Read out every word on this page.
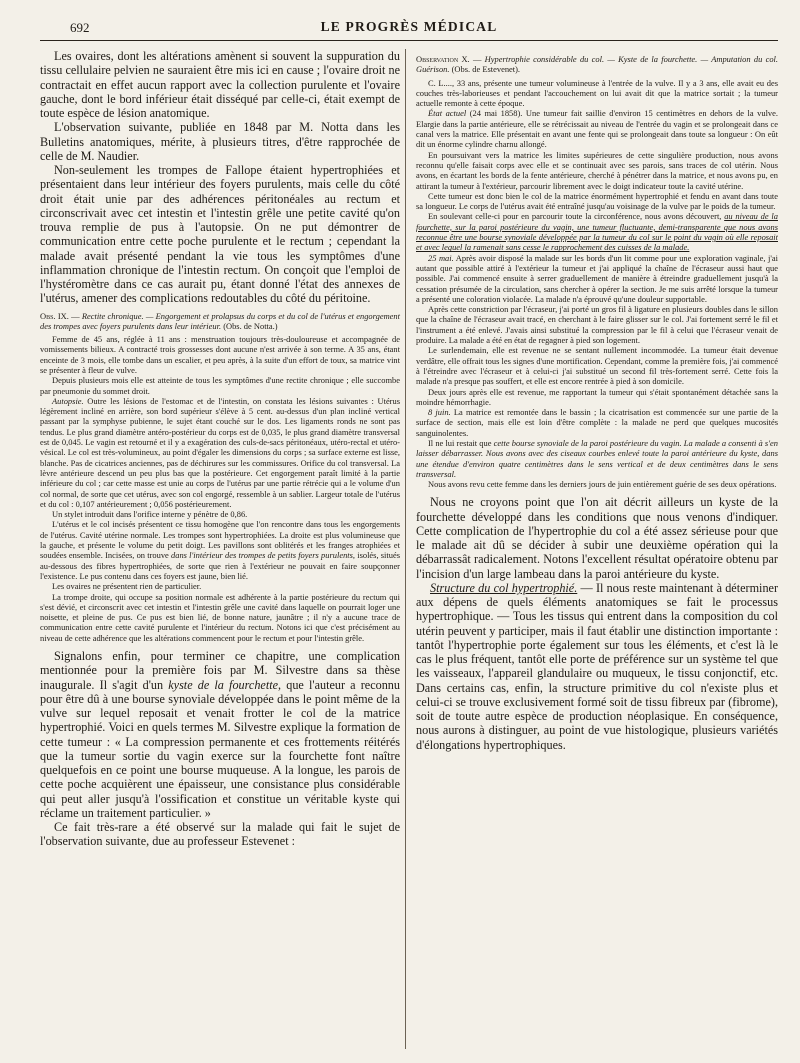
692	LE PROGRÈS MÉDICAL

Les ovaires, dont les altérations amènent si souvent la suppuration du tissu cellulaire pelvien ne sauraient être mis ici en cause ; l'ovaire droit ne contractait en effet aucun rapport avec la collection purulente et l'ovaire gauche, dont le bord inférieur était disséqué par celle-ci, était exempt de toute espèce de lésion anatomique.

L'observation suivante, publiée en 1848 par M. Notta dans les Bulletins anatomiques, mérite, à plusieurs titres, d'être rapprochée de celle de M. Naudier.

Non-seulement les trompes de Fallope étaient hypertrophiées et présentaient dans leur intérieur des foyers purulents, mais celle du côté droit était unie par des adhérences péritonéales au rectum et circonscrivait avec cet intestin et l'intestin grêle une petite cavité qu'on trouva remplie de pus à l'autopsie. On ne put démontrer de communication entre cette poche purulente et le rectum ; cependant la malade avait présenté pendant la vie tous les symptômes d'une inflammation chronique de l'intestin rectum. On conçoit que l'emploi de l'hystéromètre dans ce cas aurait pu, étant donné l'état des annexes de l'utérus, amener des complications redoutables du côté du péritoine.

Obs. IX. — Rectite chronique. — Engorgement et prolapsus du corps et du col de l'utérus et engorgement des trompes avec foyers purulents dans leur intérieur. (Obs. de Notta.)

Femme de 45 ans, réglée à 11 ans : menstruation toujours très-douloureuse et accompagnée de vomissements bilieux. A contracté trois grossesses dont aucune n'est arrivée à son terme. A 35 ans, étant enceinte de 3 mois, elle tombe dans un escalier, et peu après, à la suite d'un effort de toux, sa matrice vint se présenter à fleur de vulve.

Depuis plusieurs mois elle est atteinte de tous les symptômes d'une rectite chronique ; elle succombe par pneumonie du sommet droit.

Autopsie. Outre les lésions de l'estomac et de l'intestin, on constata les lésions suivantes : Utérus légèrement incliné en arrière, son bord supérieur s'élève à 5 cent. au-dessus d'un plan incliné vertical passant par la symphyse pubienne, le sujet étant couché sur le dos. Les ligaments ronds ne sont pas tendus. Le plus grand diamètre antéro-postérieur du corps est de 0,035, le plus grand diamètre transversal est de 0,045. Le vagin est retourné et il y a exagération des culs-de-sacs péritonéaux, utéro-rectal et utéro-vésical. Le col est très-volumineux, au point d'égaler les dimensions du corps ; sa surface externe est lisse, blanche. Pas de cicatrices anciennes, pas de déchirures sur les commissures. Orifice du col transversal. La lèvre antérieure descend un peu plus bas que la postérieure. Cet engorgement paraît limité à la partie inférieure du col ; car cette masse est unie au corps de l'utérus par une partie rétrécie qui a le volume d'un col normal, de sorte que cet utérus, avec son col engorgé, ressemble à un sablier. Largeur totale de l'utérus et du col : 0,107 antérieurement ; 0,056 postérieurement.

Un stylet introduit dans l'orifice interne y pénètre de 0,86.

L'utérus et le col incisés présentent ce tissu homogène que l'on rencontre dans tous les engorgements de l'utérus. Cavité utérine normale. Les trompes sont hypertrophiées. La droite est plus volumineuse que la gauche, et présente le volume du petit doigt. Les pavillons sont oblitérés et les franges atrophiées et soudées ensemble. Incisées, on trouve dans l'intérieur des trompes de petits foyers purulents, isolés, situés au-dessous des fibres hypertrophiées, de sorte que rien à l'extérieur ne pouvait en faire soupçonner l'existence. Le pus contenu dans ces foyers est jaune, bien lié.

Les ovaires ne présentent rien de particulier.

La trompe droite, qui occupe sa position normale est adhérente à la partie postérieure du rectum qui s'est dévié, et circonscrit avec cet intestin et l'intestin grêle une cavité dans laquelle on pourrait loger une noisette, et pleine de pus. Ce pus est bien lié, de bonne nature, jaunâtre ; il n'y a aucune trace de communication entre cette cavité purulente et l'intérieur du rectum. Notons ici que c'est précisément au niveau de cette adhérence que les altérations commencent pour le rectum et pour l'intestin grêle.

Signalons enfin, pour terminer ce chapitre, une complication mentionnée pour la première fois par M. Silvestre dans sa thèse inaugurale. Il s'agit d'un kyste de la fourchette, que l'auteur a reconnu pour être dû à une bourse synoviale développée dans le point même de la vulve sur lequel reposait et venait frotter le col de la matrice hypertrophié. Voici en quels termes M. Silvestre explique la formation de cette tumeur : « La compression permanente et ces frottements réitérés que la tumeur sortie du vagin exerce sur la fourchette font naître quelquefois en ce point une bourse muqueuse. A la longue, les parois de cette poche acquièrent une épaisseur, une consistance plus considérable qui peut aller jusqu'à l'ossification et constitue un véritable kyste qui réclame un traitement particulier. »

Ce fait très-rare a été observé sur la malade qui fait le sujet de l'observation suivante, due au professeur Estevenet :

Observation X. — Hypertrophie considérable du col. — Kyste de la fourchette. — Amputation du col. Guérison. (Obs. de Estevenet).

C. L...., 33 ans, présente une tumeur volumineuse à l'entrée de la vulve. Il y a 3 ans, elle avait eu des couches très-laborieuses et pendant l'accouchement on lui avait dit que la matrice sortait ; la tumeur actuelle remonte à cette époque.

État actuel (24 mai 1858). Une tumeur fait saillie d'environ 15 centimètres en dehors de la vulve. Elargie dans la partie antérieure, elle se rétrécissait au niveau de l'entrée du vagin et se prolongeait dans ce canal vers la matrice. Elle présentait en avant une fente qui se prolongeait dans toute sa longueur : On eût dit un énorme cylindre charnu allongé.

En poursuivant vers la matrice les limites supérieures de cette singulière production, nous avons reconnu qu'elle faisait corps avec elle et se continuait avec ses parois, sans traces de col utérin. Nous avons, en écartant les bords de la fente antérieure, cherché à pénétrer dans la matrice, et nous avons pu, en attirant la tumeur à l'extérieur, parcourir librement avec le doigt indicateur toute la cavité utérine.

Cette tumeur est donc bien le col de la matrice énormément hypertrophié et fendu en avant dans toute sa longueur. Le corps de l'utérus avait été entraîné jusqu'au voisinage de la vulve par le poids de la tumeur.

En soulevant celle-ci pour en parcourir toute la circonférence, nous avons découvert, au niveau de la fourchette, sur la paroi postérieure du vagin, une tumeur fluctuante, demi-transparente que nous avons reconnue être une bourse synoviale développée par la tumeur du col sur le point du vagin où elle reposait et avec lequel la ramenait sans cesse le rapprochement des cuisses de la malade.

25 mai. Après avoir disposé la malade sur les bords d'un lit comme pour une exploration vaginale, j'ai autant que possible attiré à l'extérieur la tumeur et j'ai appliqué la chaîne de l'écraseur aussi haut que possible. J'ai commencé ensuite à serrer graduellement de manière à étreindre graduellement jusqu'à la cessation présumée de la circulation, sans chercher à opérer la section. Je me suis arrêté lorsque la tumeur a présenté une coloration violacée. La malade n'a éprouvé qu'une douleur supportable.

Après cette constriction par l'écraseur, j'ai porté un gros fil à ligature en plusieurs doubles dans le sillon que la chaîne de l'écraseur avait tracé, en cherchant à le faire glisser sur le col. J'ai fortement serré le fil et l'instrument a été enlevé. J'avais ainsi substitué la compression par le fil à celui que l'écraseur venait de produire. La malade a été en état de regagner à pied son logement.

Le surlendemain, elle est revenue ne se sentant nullement incommodée. La tumeur était devenue verdâtre, elle offrait tous les signes d'une mortification. Cependant, comme la première fois, j'ai commencé à l'étreindre avec l'écraseur et à celui-ci j'ai substitué un second fil très-fortement serré. Cette fois la malade n'a presque pas souffert, et elle est encore rentrée à pied à son domicile.

Deux jours après elle est revenue, me rapportant la tumeur qui s'était spontanément détachée sans la moindre hémorrhagie.

8 juin. La matrice est remontée dans le bassin ; la cicatrisation est commencée sur une partie de la surface de section, mais elle est loin d'être complète : la malade ne perd que quelques mucosités sanguinolentes.

Il ne lui restait que cette bourse synoviale de la paroi postérieure du vagin. La malade a consenti à s'en laisser débarrasser. Nous avons avec des ciseaux courbes enlevé toute la paroi antérieure du kyste, dans une étendue d'environ quatre centimètres dans le sens vertical et de deux centimètres dans le sens transversal.

Nous avons revu cette femme dans les derniers jours de juin entièrement guérie de ses deux opérations.

Nous ne croyons point que l'on ait décrit ailleurs un kyste de la fourchette développé dans les conditions que nous venons d'indiquer. Cette complication de l'hypertrophie du col a été assez sérieuse pour que le malade ait dû se décider à subir une deuxième opération qui la débarrassât radicalement. Notons l'excellent résultat opératoire obtenu par l'incision d'un large lambeau dans la paroi antérieure du kyste.

Structure du col hypertrophié. — Il nous reste maintenant à déterminer aux dépens de quels éléments anatomiques se fait le processus hypertrophique. — Tous les tissus qui entrent dans la composition du col utérin peuvent y participer, mais il faut établir une distinction importante : tantôt l'hypertrophie porte également sur tous les éléments, et c'est là le cas le plus fréquent, tantôt elle porte de préférence sur un système tel que les vaisseaux, l'appareil glandulaire ou muqueux, le tissu conjonctif, etc. Dans certains cas, enfin, la structure primitive du col n'existe plus et celui-ci se trouve exclusivement formé soit de tissu fibreux par (fibrome), soit de toute autre espèce de production néoplasique. En conséquence, nous aurons à distinguer, au point de vue histologique, plusieurs variétés d'élongations hypertrophiques.
